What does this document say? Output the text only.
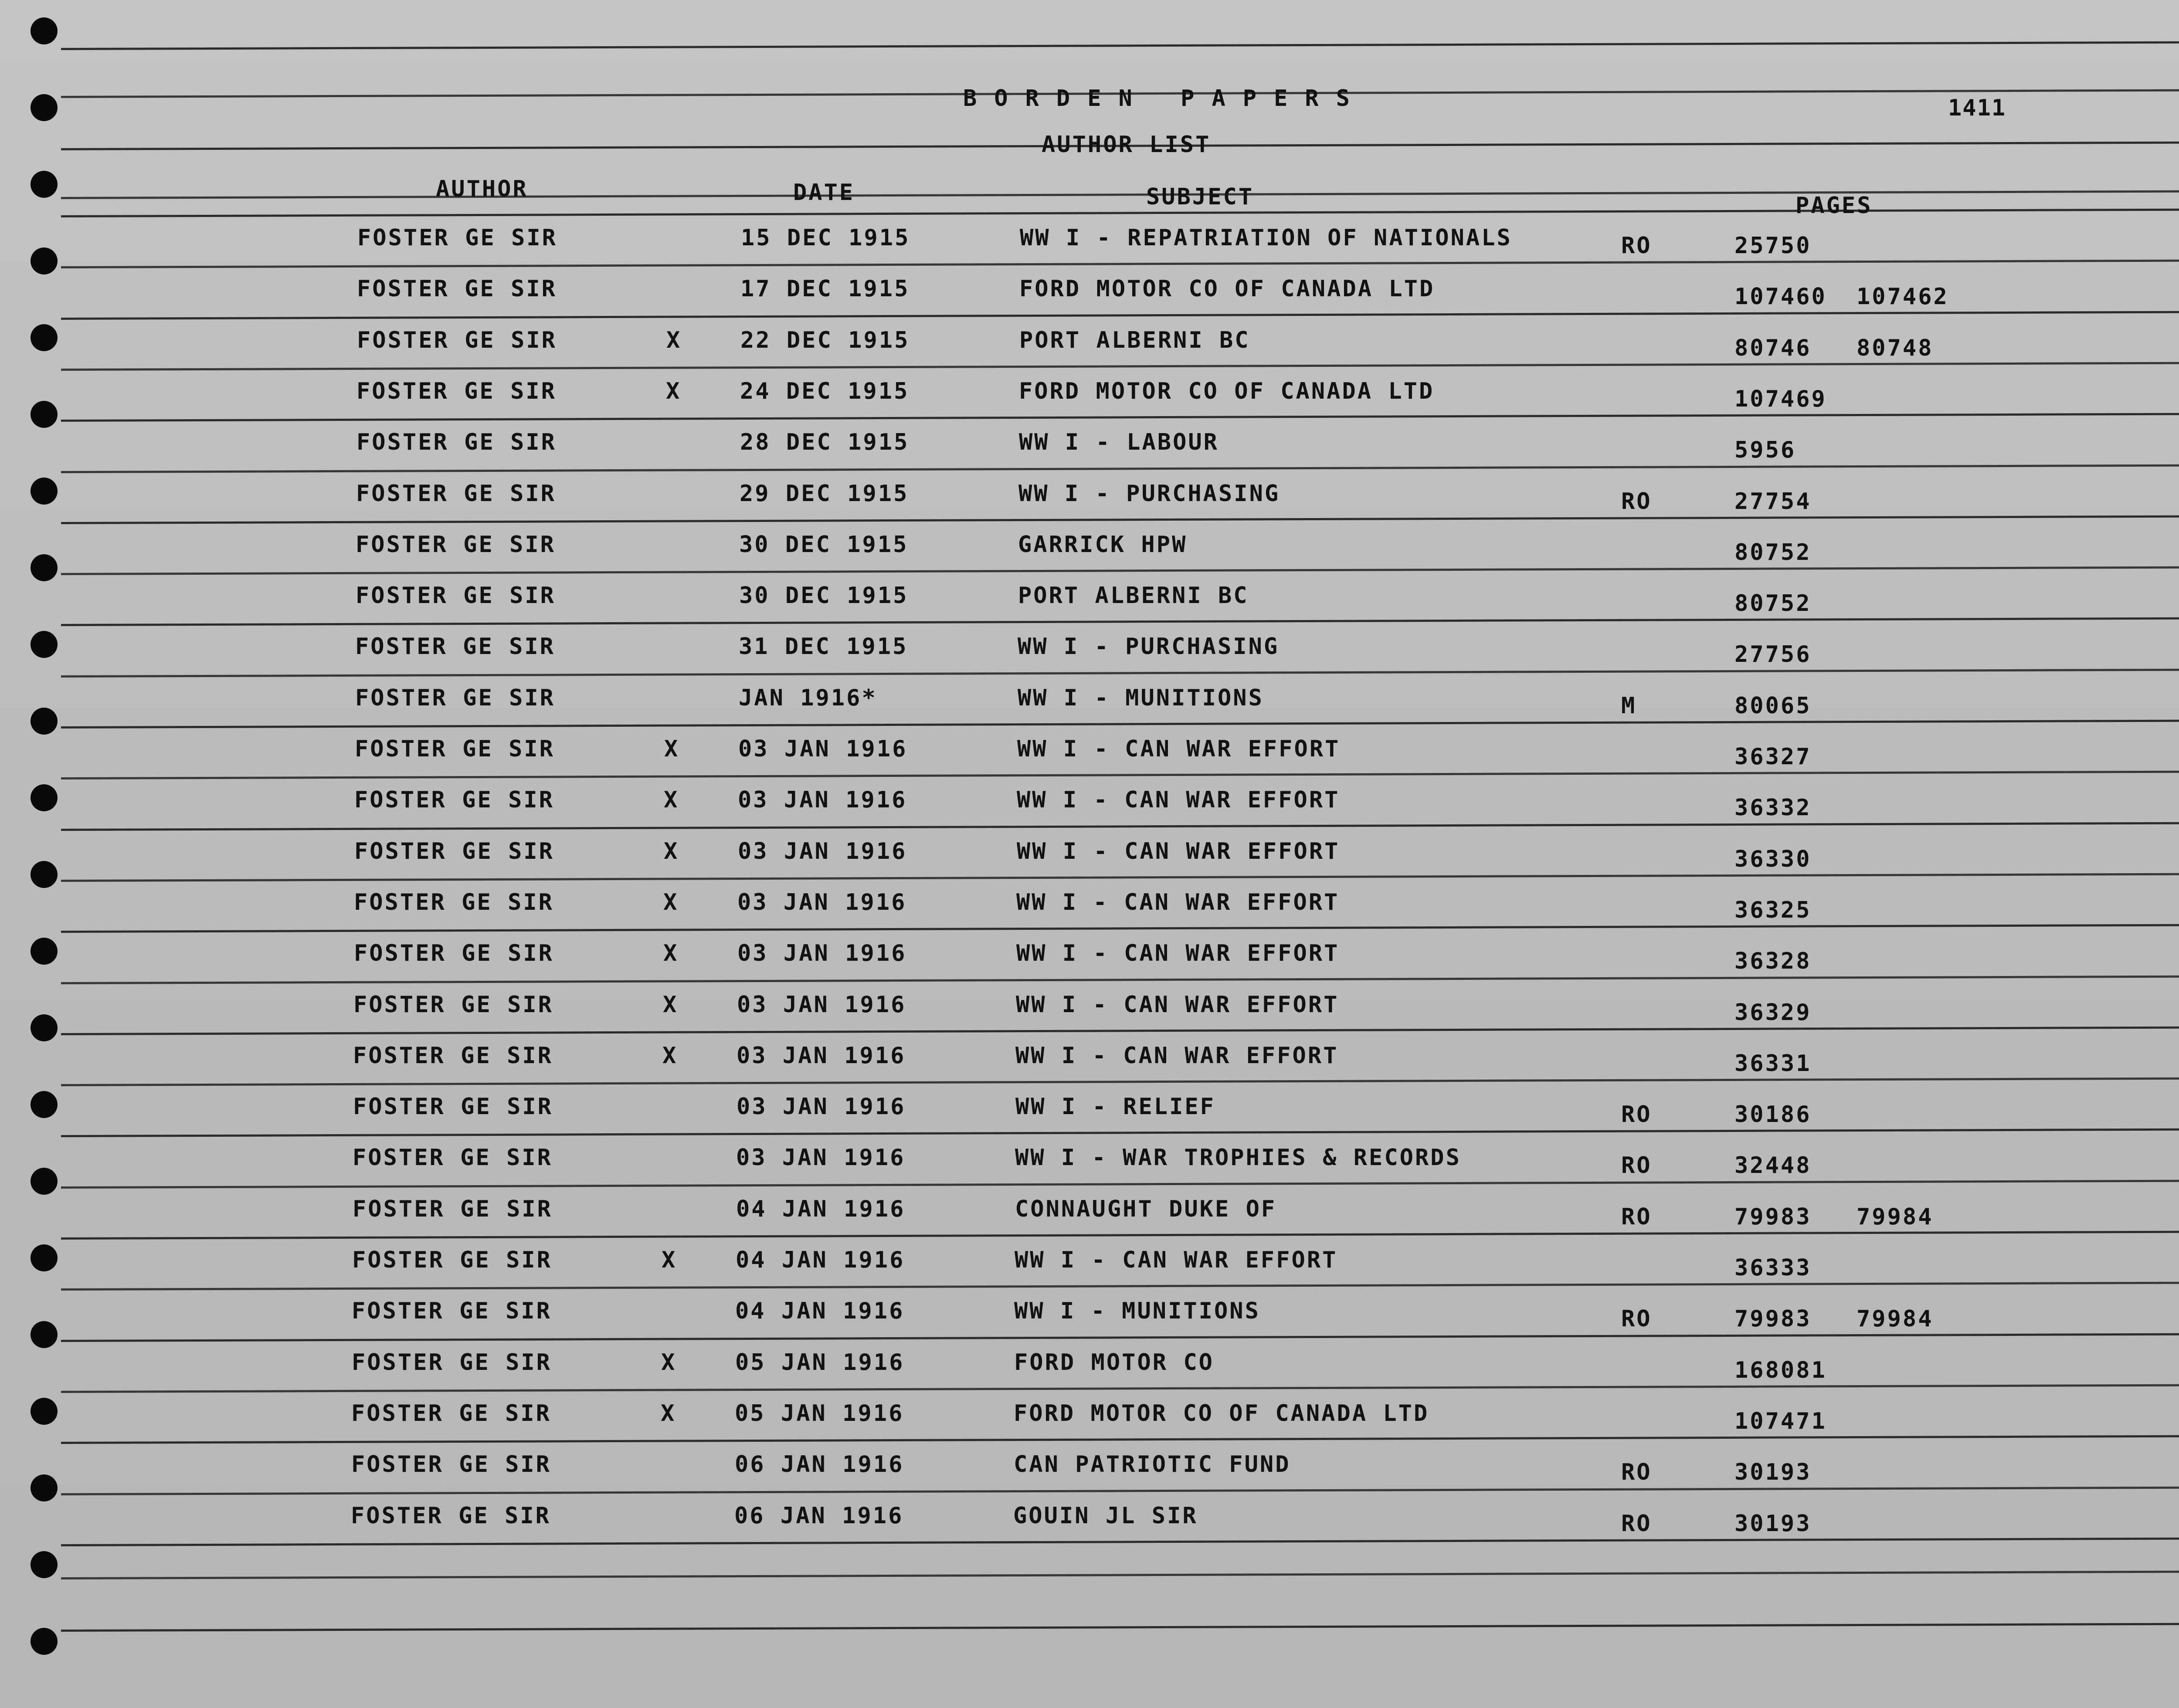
BORDEN PAPERS	1411
AUTHOR LIST
AUTHOR	DATE	SUBJECT	PAGES
FOSTER GE SIR	15 DEC 1915	WW I - REPATRIATION OF NATIONALS	RO	25750
FOSTER GE SIR	17 DEC 1915	FORD MOTOR CO OF CANADA LTD	107460 107462
FOSTER GE SIR	X	22 DEC 1915	PORT ALBERNI BC	80746 80748
FOSTER GE SIR	X	24 DEC 1915	FORD MOTOR CO OF CANADA LTD	107469
FOSTER GE SIR	28 DEC 1915	WW I - LABOUR	5956
FOSTER GE SIR	29 DEC 1915	WW I - PURCHASING	RO	27754
FOSTER GE SIR	30 DEC 1915	GARRICK HPW	80752
FOSTER GE SIR	30 DEC 1915	PORT ALBERNI BC	80752
FOSTER GE SIR	31 DEC 1915	WW I - PURCHASING	27756
FOSTER GE SIR	JAN 1916*	WW I - MUNITIONS	M	80065
FOSTER GE SIR	X	03 JAN 1916	WW I - CAN WAR EFFORT	36327
FOSTER GE SIR	X	03 JAN 1916	WW I - CAN WAR EFFORT	36332
FOSTER GE SIR	X	03 JAN 1916	WW I - CAN WAR EFFORT	36330
FOSTER GE SIR	X	03 JAN 1916	WW I - CAN WAR EFFORT	36325
FOSTER GE SIR	X	03 JAN 1916	WW I - CAN WAR EFFORT	36328
FOSTER GE SIR	X	03 JAN 1916	WW I - CAN WAR EFFORT	36329
FOSTER GE SIR	X	03 JAN 1916	WW I - CAN WAR EFFORT	36331
FOSTER GE SIR	03 JAN 1916	WW I - RELIEF	RO	30186
FOSTER GE SIR	03 JAN 1916	WW I - WAR TROPHIES & RECORDS	RO	32448
FOSTER GE SIR	04 JAN 1916	CONNAUGHT DUKE OF	RO	79983 79984
FOSTER GE SIR	X	04 JAN 1916	WW I - CAN WAR EFFORT	36333
FOSTER GE SIR	04 JAN 1916	WW I - MUNITIONS	RO	79983 79984
FOSTER GE SIR	X	05 JAN 1916	FORD MOTOR CO	168081
FOSTER GE SIR	X	05 JAN 1916	FORD MOTOR CO OF CANADA LTD	107471
FOSTER GE SIR	06 JAN 1916	CAN PATRIOTIC FUND	RO	30193
FOSTER GE SIR	06 JAN 1916	GOUIN JL SIR	RO	30193
